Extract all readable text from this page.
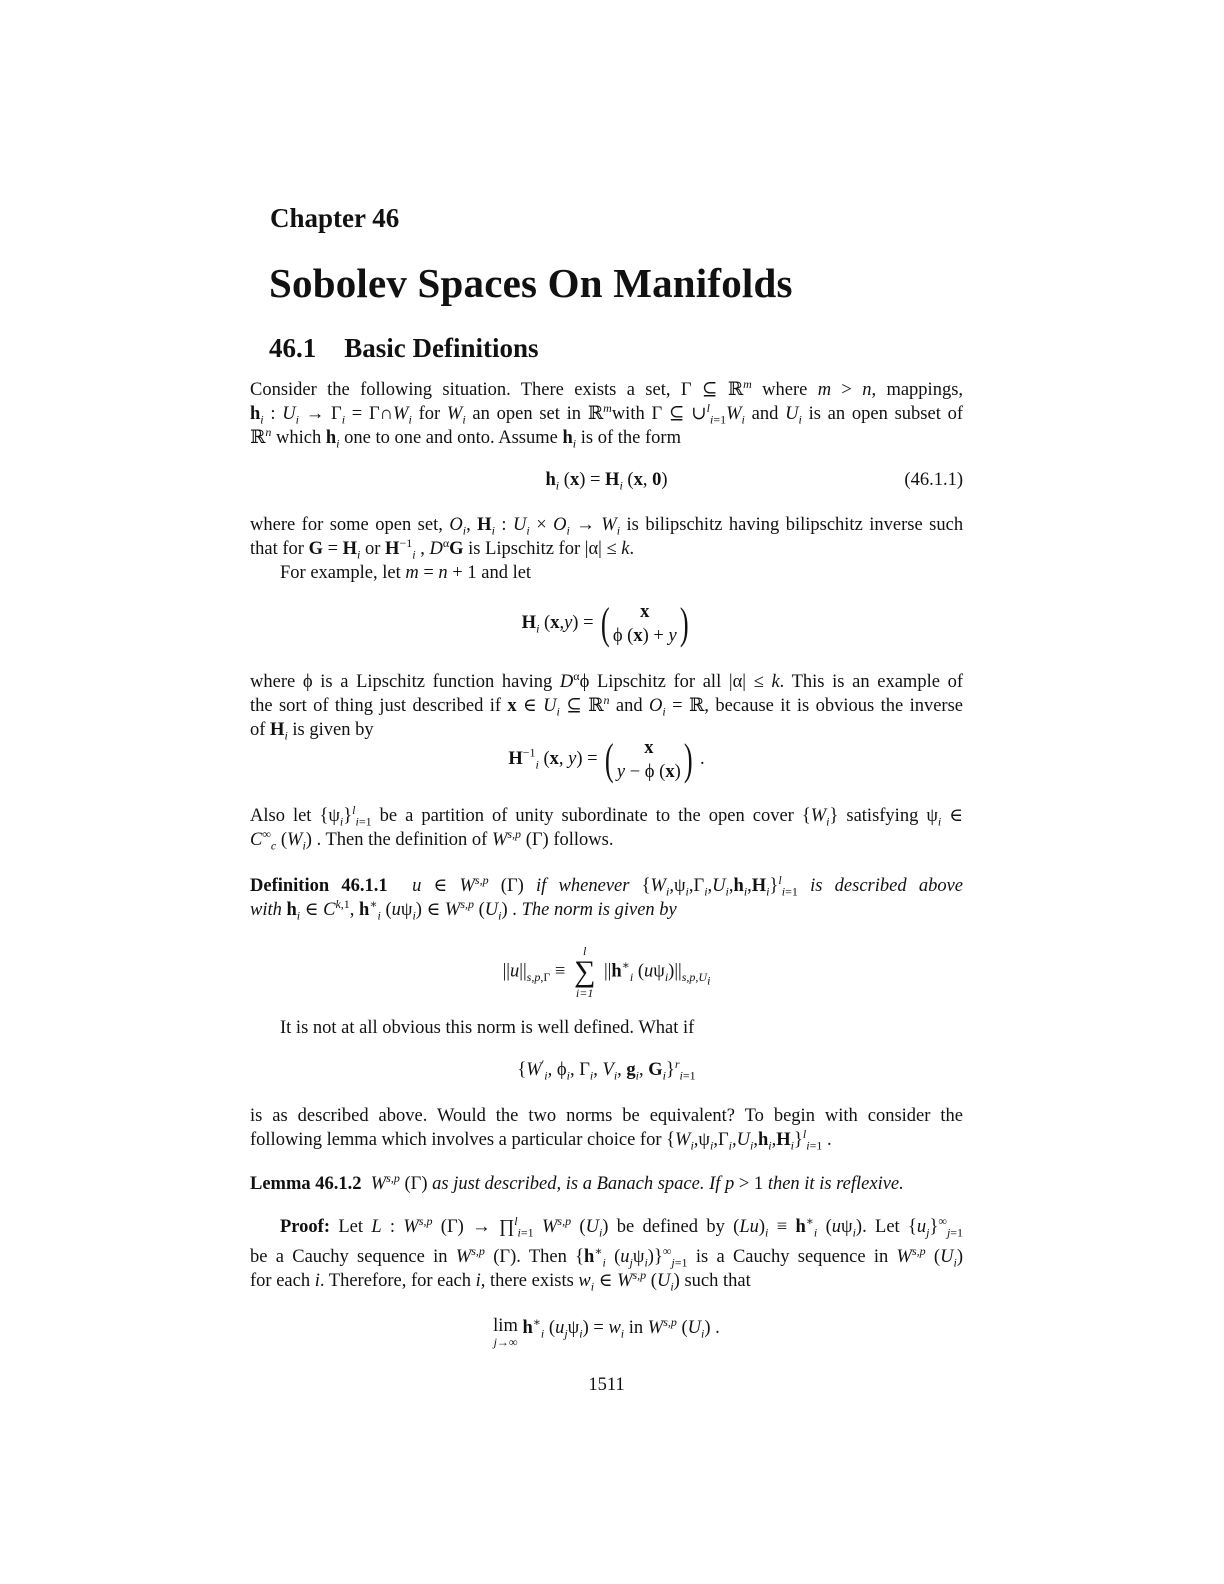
Chapter 46
Sobolev Spaces On Manifolds
46.1 Basic Definitions
Consider the following situation. There exists a set, Γ ⊆ ℝ$^m$ where m > n, mappings,
$h_i$ : $U_i \to \Gamma_i$ = $\Gamma\cap W_i$ for $W_i$ an open set in ℝ$^m$with Γ ⊆ $\cup^l_{i=1}W_i$ and $U_i$ is an open subset of
ℝ$^n$ which $h_i$ one to one and onto. Assume $h_i$ is of the form
$h_i$ $(x) = H_i$ (x, 0)	(46.1.1)
where for some open set, $O_i$, $H_i$ : $U_i \times O_i \to W_i$ is bilipschitz having bilipschitz inverse such
that for $G = H_i$ or $H^{-1}_i$ , $D^\alpha G$ is Lipschitz for |α| ≤ k.
For example, let m = n + 1 and let
$H_i$ (x,y) = ( x
ϕ (x) + y)
where ϕ is a Lipschitz function having $D^\alpha\phi$ Lipschitz for all |α| ≤ k. This is an example of
the sort of thing just described if x ∈ $U_i$ ⊆ ℝ$^n$ and $O_i$ = ℝ, because it is obvious the inverse
of $H_i$ is given by
$H^{-1}_i$ (x, y) = ( x
y − ϕ (x)) .
Also let $\{\psi_i\}^l_{i=1}$ be a partition of unity subordinate to the open cover $\{W_i\}$ satisfying $\psi_i$ ∈
$C^\infty_c$ $(W_i)$ . Then the definition of W$^{s,p}$ (Γ) follows.
Definition 46.1.1 u ∈ W$^{s,p}$ (Γ) if whenever $\{W_i,\psi_i,\Gamma_i,U_i,h_i,H_i\}^l_{i=1}$ is described above
with $h_i$ ∈ C$^{k,1}$, $h^∗_i$ $(u\psi_i)$ ∈ W$^{s,p}$ $(U_i)$ . The norm is given by
$||u||_{s,p,\Gamma}$ ≡
l
∑
i=1
$||h^∗_i$ $(u\psi_i)||_{s,p,U_i}$
It is not at all obvious this norm is well defined. What if
{$W'_i$, $\phi_i$, $\Gamma_i$, $V_i$, $g_i$, $G_i\}^r_{i=1}$
is as described above. Would the two norms be equivalent? To begin with consider the
following lemma which involves a particular choice for $\{W_i,\psi_i,\Gamma_i,U_i,h_i,H_i\}^l_{i=1}$ .
Lemma 46.1.2 W$^{s,p}$ (Γ) as just described, is a Banach space. If p > 1 then it is reflexive.
Proof: Let L : W$^{s,p}$ (Γ) → ∏$^l_{i=1}$ W$^{s,p}$ $(U_i)$ be defined by $(Lu)_i \equiv h^∗_i$ $(u\psi_i)$. Let $\{u_j\}^\infty_{j=1}$
be a Cauchy sequence in W$^{s,p}$ (Γ). Then {$h^∗_i$ $(u_j\psi_i)\}^\infty_{j=1}$ is a Cauchy sequence in W$^{s,p}$ $(U_i)$
for each i. Therefore, for each i, there exists $w_i$ ∈ W$^{s,p}$ $(U_i)$ such that
lim
j→∞
$h^∗_i$ $(u_j\psi_i) = w_i$ in W$^{s,p}$ $(U_i)$ .
1511
